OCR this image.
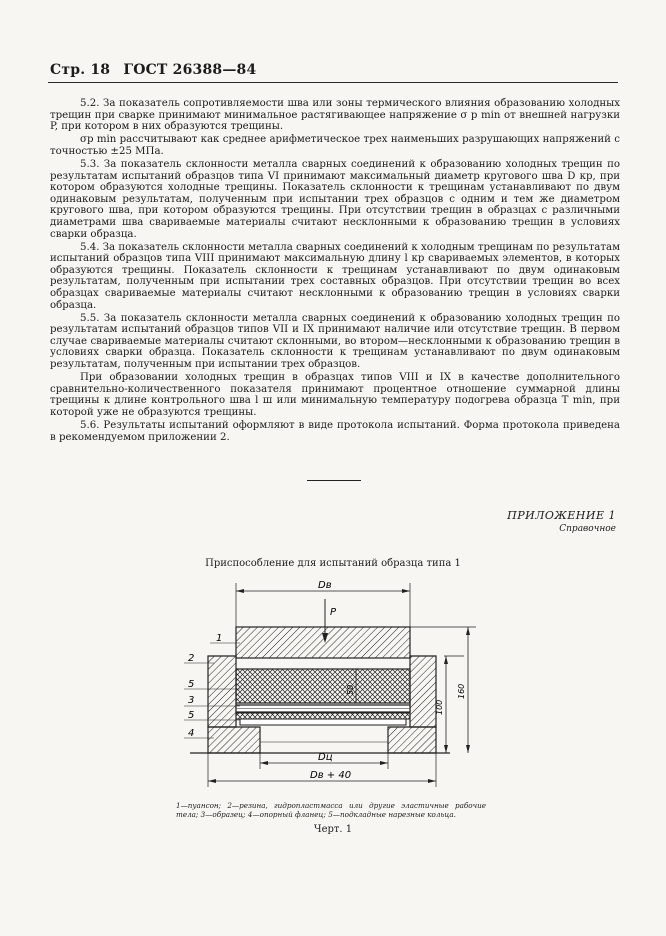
Стр. 18 ГОСТ 26388—84

5.2. За показатель сопротивляемости шва или зоны термического влияния образованию холодных трещин при сварке принимают минимальное растягивающее напряжение σ p min от внешней нагрузки P, при котором в них образуются трещины.

σp min рассчитывают как среднее арифметическое трех наименьших разрушающих напряжений с точностью ±25 МПа.

5.3. За показатель склонности металла сварных соединений к образованию холодных трещин по результатам испытаний образцов типа VI принимают максимальный диаметр кругового шва D кр, при котором образуются холодные трещины. Показатель склонности к трещинам устанавливают по двум одинаковым результатам, полученным при испытании трех образцов с одним и тем же диаметром кругового шва, при котором образуются трещины. При отсутствии трещин в образцах с различными диаметрами шва свариваемые материалы считают несклонными к образованию трещин в условиях сварки образца.

5.4. За показатель склонности металла сварных соединений к холодным трещинам по результатам испытаний образцов типа VIII принимают максимальную длину l кр свариваемых элементов, в которых образуются трещины. Показатель склонности к трещинам устанавливают по двум одинаковым результатам, полученным при испытании трех составных образцов. При отсутствии трещин во всех образцах свариваемые материалы считают несклонными к образованию трещин в условиях сварки образца.

5.5. За показатель склонности металла сварных соединений к образованию холодных трещин по результатам испытаний образцов типов VII и IX принимают наличие или отсутствие трещин. В первом случае свариваемые материалы считают склонными, во втором—несклонными к образованию трещин в условиях сварки образца. Показатель склонности к трещинам устанавливают по двум одинаковым результатам, полученным при испытании трех образцов.

При образовании холодных трещин в образцах типов VIII и IX в качестве дополнительного сравнительно-количественного показателя принимают процентное отношение суммарной длины трещины к длине контрольного шва l ш или минимальную температуру подогрева образца T min, при которой уже не образуются трещины.

5.6. Результаты испытаний оформляют в виде протокола испытаний. Форма протокола приведена в рекомендуемом приложении 2.

ПРИЛОЖЕНИЕ 1
Справочное
Приспособление для испытаний образца типа 1
Dв
P
Dц
Dв + 40
50
100
160
1
2
5
3
5
4
1—пуансон; 2—резина, гидропластмасса или другие эластичные рабочие тела; 3—образец; 4—опорный фланец; 5—подкладные нарезные кольца.
Черт. 1
